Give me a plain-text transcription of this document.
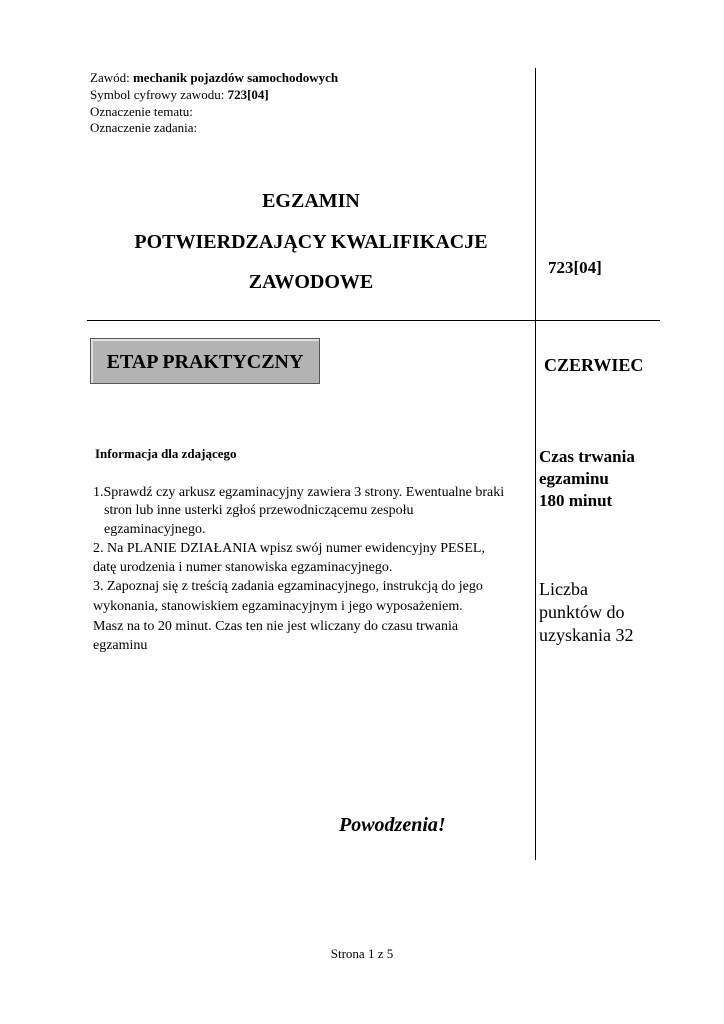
Zawód: mechanik pojazdów samochodowych
Symbol cyfrowy zawodu: 723[04]
Oznaczenie tematu:
Oznaczenie zadania:
EGZAMIN
POTWIERDZAJĄCY KWALIFIKACJE
ZAWODOWE
723[04]
ETAP PRAKTYCZNY	CZERWIEC
Informacja dla zdającego
1.Sprawdź czy arkusz egzaminacyjny zawiera 3 strony. Ewentualne braki
stron lub inne usterki zgłoś przewodniczącemu zespołu
egzaminacyjnego.
2. Na PLANIE DZIAŁANIA wpisz swój numer ewidencyjny PESEL,
datę urodzenia i numer stanowiska egzaminacyjnego.
3. Zapoznaj się z treścią zadania egzaminacyjnego, instrukcją do jego
wykonania, stanowiskiem egzaminacyjnym i jego wyposażeniem.
Masz na to 20 minut. Czas ten nie jest wliczany do czasu trwania
egzaminu
Czas trwania
egzaminu
180 minut
Liczba
punktów do
uzyskania 32
Powodzenia!
Strona 1 z 5
